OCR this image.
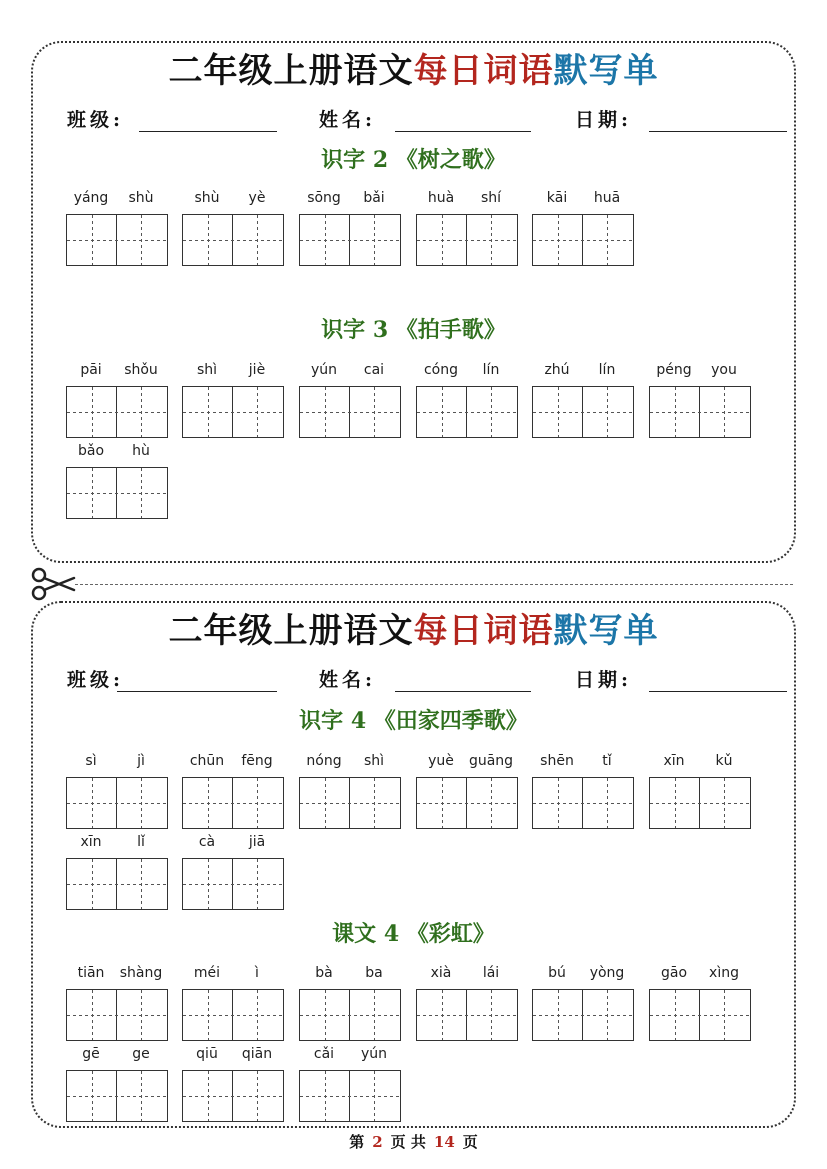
二年级上册语文每日词语默写单
班级:	姓名:	日期:
识字 2 《树之歌》
识字 3 《拍手歌》
二年级上册语文每日词语默写单
班级:	姓名:	日期:
识字 4 《田家四季歌》
课文 4 《彩虹》
第 2 页 共 14 页
yáng	shù	shù	yè	sōng	bǎi	huà	shí	kāi	huā
pāi	shǒu	shì	jiè	yún	cai	cóng	lín	zhú	lín	péng	you
bǎo	hù
sì	jì	chūn	fēng	nóng	shì	yuè	guāng	shēn	tǐ	xīn	kǔ
xīn	lǐ	cà	jiā
tiān	shàng	méi	ì	bà	ba	xià	lái	bú	yòng	gāo	xìng
gē	ge	qiū	qiān	cǎi	yún
